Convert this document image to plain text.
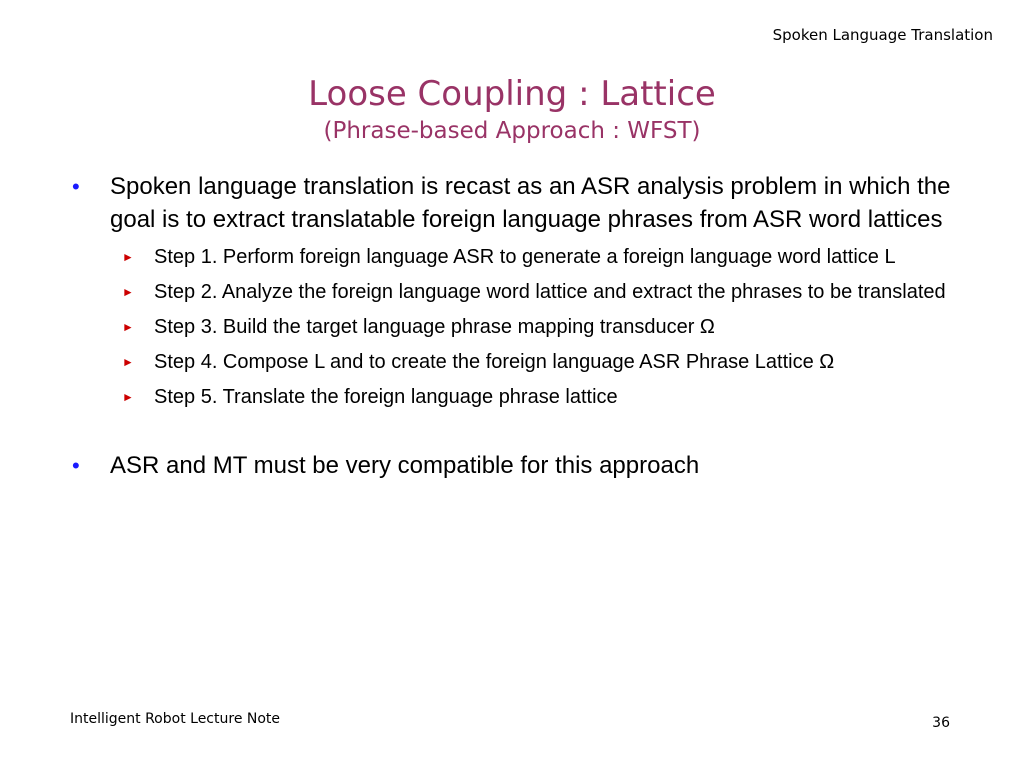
Spoken Language Translation
Loose Coupling : Lattice
(Phrase-based Approach : WFST)
• Spoken language translation is recast as an ASR analysis problem in which the goal is to extract translatable foreign language phrases from ASR word lattices
► Step 1. Perform foreign language ASR to generate a foreign language word lattice L
► Step 2. Analyze the foreign language word lattice and extract the phrases to be translated
► Step 3. Build the target language phrase mapping transducer Ω
► Step 4. Compose L and to create the foreign language ASR Phrase Lattice Ω
► Step 5. Translate the foreign language phrase lattice
• ASR and MT must be very compatible for this approach
Intelligent Robot Lecture Note	36
